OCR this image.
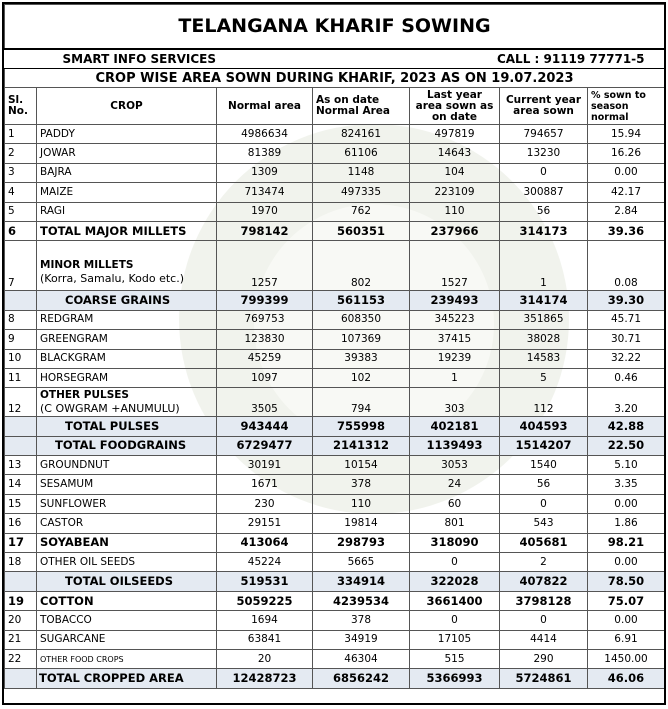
TELANGANA KHARIF SOWING						
SMART INFO SERVICES				CALL : 91119 77771-5		
CROP WISE AREA SOWN DURING KHARIF, 2023 AS ON 19.07.2023						
Sl. No.	CROP	Normal area	As on date Normal Area	Last year area sown as on date	Current year area sown	% sown to season normal
1	PADDY	4986634	824161	497819	794657	15.94
2	JOWAR	81389	61106	14643	13230	16.26
3	BAJRA	1309	1148	104	0	0.00
4	MAIZE	713474	497335	223109	300887	42.17
5	RAGI	1970	762	110	56	2.84
6	TOTAL MAJOR MILLETS	798142	560351	237966	314173	39.36
7	MINOR MILLETS
(Korra, Samalu, Kodo etc.)	1257	802	1527	1	0.08
	COARSE GRAINS	799399	561153	239493	314174	39.30
8	REDGRAM	769753	608350	345223	351865	45.71
9	GREENGRAM	123830	107369	37415	38028	30.71
10	BLACKGRAM	45259	39383	19239	14583	32.22
11	HORSEGRAM	1097	102	1	5	0.46
12	OTHER PULSES
(C OWGRAM +ANUMULU)	3505	794	303	112	3.20
	TOTAL PULSES	943444	755998	402181	404593	42.88
	TOTAL FOODGRAINS	6729477	2141312	1139493	1514207	22.50
13	GROUNDNUT	30191	10154	3053	1540	5.10
14	SESAMUM	1671	378	24	56	3.35
15	SUNFLOWER	230	110	60	0	0.00
16	CASTOR	29151	19814	801	543	1.86
17	SOYABEAN	413064	298793	318090	405681	98.21
18	OTHER OIL SEEDS	45224	5665	0	2	0.00
	TOTAL OILSEEDS	519531	334914	322028	407822	78.50
19	COTTON	5059225	4239534	3661400	3798128	75.07
20	TOBACCO	1694	378	0	0	0.00
21	SUGARCANE	63841	34919	17105	4414	6.91
22	OTHER FOOD CROPS	20	46304	515	290	1450.00
	TOTAL CROPPED AREA	12428723	6856242	5366993	5724861	46.06
